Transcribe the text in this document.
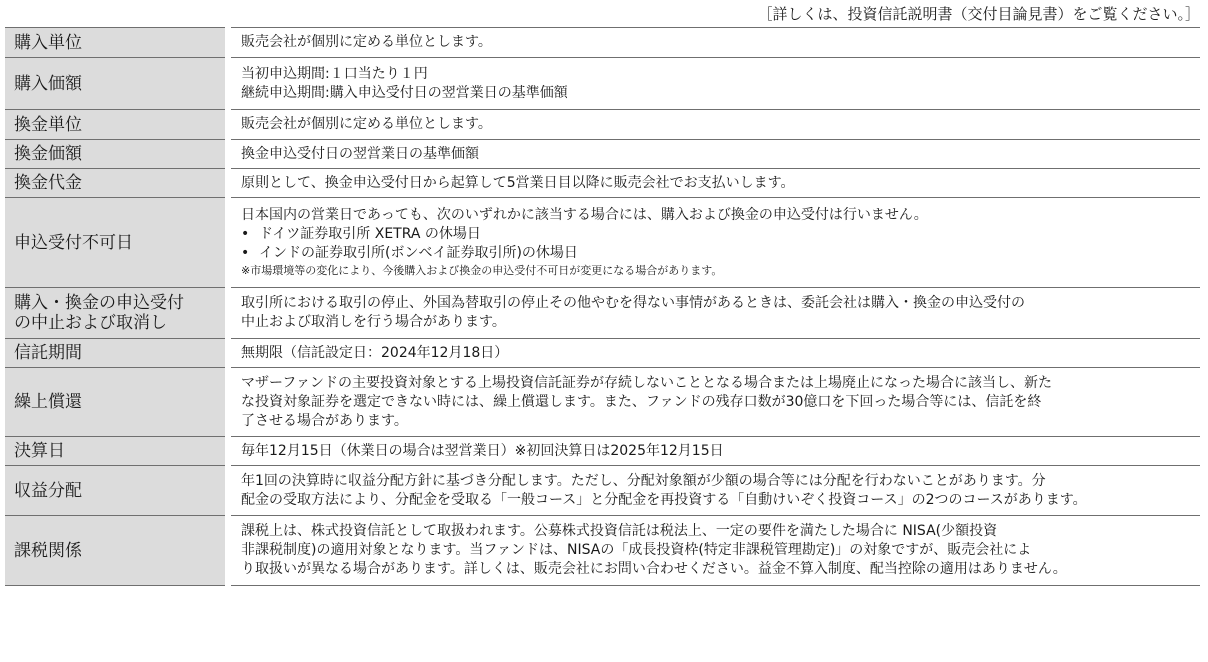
［詳しくは、投資信託説明書（交付目論見書）をご覧ください。］
購入単位	販売会社が個別に定める単位とします。

購入価額	当初申込期間:１口当たり１円
継続申込期間:購入申込受付日の翌営業日の基準価額

換金単位	販売会社が個別に定める単位とします。

換金価額	換金申込受付日の翌営業日の基準価額

換金代金	原則として、換金申込受付日から起算して5営業日目以降に販売会社でお支払いします。

申込受付不可日	日本国内の営業日であっても、次のいずれかに該当する場合には、購入および換金の申込受付は行いません。
• ドイツ証券取引所 XETRA の休場日
• インドの証券取引所(ボンベイ証券取引所)の休場日
※市場環境等の変化により、今後購入および換金の申込受付不可日が変更になる場合があります。

購入・換金の申込受付
の中止および取消し	取引所における取引の停止、外国為替取引の停止その他やむを得ない事情があるときは、委託会社は購入・換金の申込受付の
中止および取消しを行う場合があります。

信託期間	無期限（信託設定日：2024年12月18日）

繰上償還	マザーファンドの主要投資対象とする上場投資信託証券が存続しないこととなる場合または上場廃止になった場合に該当し、新た
な投資対象証券を選定できない時には、繰上償還します。また、ファンドの残存口数が30億口を下回った場合等には、信託を終
了させる場合があります。

決算日	毎年12月15日（休業日の場合は翌営業日）※初回決算日は2025年12月15日

収益分配	年1回の決算時に収益分配方針に基づき分配します。ただし、分配対象額が少額の場合等には分配を行わないことがあります。分
配金の受取方法により、分配金を受取る「一般コース」と分配金を再投資する「自動けいぞく投資コース」の2つのコースがあります。

課税関係	課税上は、株式投資信託として取扱われます。公募株式投資信託は税法上、一定の要件を満たした場合に NISA(少額投資
非課税制度)の適用対象となります。当ファンドは、NISAの「成長投資枠(特定非課税管理勘定)」の対象ですが、販売会社によ
り取扱いが異なる場合があります。詳しくは、販売会社にお問い合わせください。益金不算入制度、配当控除の適用はありません。
